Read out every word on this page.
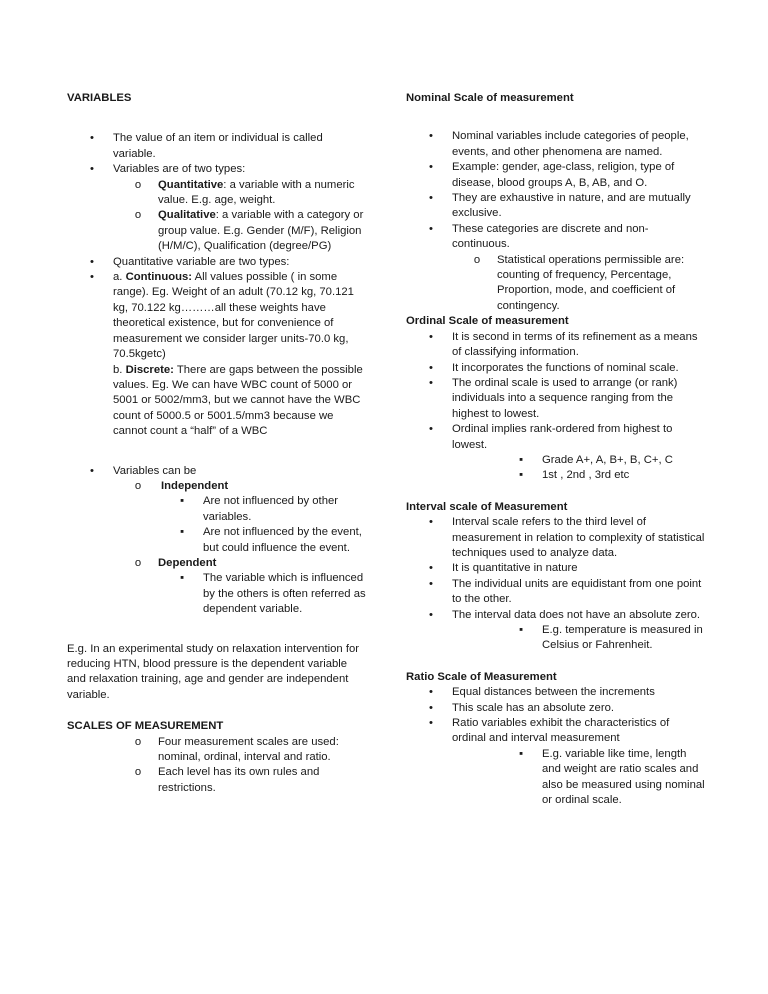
VARIABLES

•	The value of an item or individual is called variable.
•	Variables are of two types:
o Quantitative: a variable with a numeric value. E.g. age, weight.
o Qualitative: a variable with a category or group value. E.g. Gender (M/F), Religion (H/M/C), Qualification (degree/PG)
•	Quantitative variable are two types:
•	a. Continuous: All values possible ( in some range). Eg. Weight of an adult (70.12 kg, 70.121 kg, 70.122 kg………all these weights have theoretical existence, but for convenience of measurement we consider larger units-70.0 kg, 70.5kgetc)
b. Discrete: There are gaps between the possible values. Eg. We can have WBC count of 5000 or 5001 or 5002/mm3, but we cannot have the WBC count of 5000.5 or 5001.5/mm3 because we cannot count a “half” of a WBC
•	Variables can be
o Independent
▪	Are not influenced by other variables.
▪	Are not influenced by the event, but could influence the event.
o Dependent
▪	The variable which is influenced by the others is often referred as dependent variable.

E.g. In an experimental study on relaxation intervention for reducing HTN, blood pressure is the dependent variable and relaxation training, age and gender are independent variable.

SCALES OF MEASUREMENT

o Four measurement scales are used: nominal, ordinal, interval and ratio.
o Each level has its own rules and restrictions.

Nominal Scale of measurement

•	Nominal variables include categories of people, events, and other phenomena are named.
•	Example: gender, age-class, religion, type of disease, blood groups A, B, AB, and O.
•	They are exhaustive in nature, and are mutually exclusive.
•	These categories are discrete and non-continuous.
o Statistical operations permissible are: counting of frequency, Percentage, Proportion, mode, and coefficient of contingency.

Ordinal Scale of measurement

•	It is second in terms of its refinement as a means of classifying information.
•	It incorporates the functions of nominal scale.
•	The ordinal scale is used to arrange (or rank) individuals into a sequence ranging from the highest to lowest.
•	Ordinal implies rank-ordered from highest to lowest.
▪	Grade A+, A, B+, B, C+, C
▪	1st , 2nd , 3rd etc

Interval scale of Measurement

•	Interval scale refers to the third level of measurement in relation to complexity of statistical techniques used to analyze data.
•	It is quantitative in nature
•	The individual units are equidistant from one point to the other.
•	The interval data does not have an absolute zero.
▪	E.g. temperature is measured in Celsius or Fahrenheit.

Ratio Scale of Measurement

•	Equal distances between the increments
•	This scale has an absolute zero.
•	Ratio variables exhibit the characteristics of ordinal and interval measurement
▪	E.g. variable like time, length and weight are ratio scales and also be measured using nominal or ordinal scale.
